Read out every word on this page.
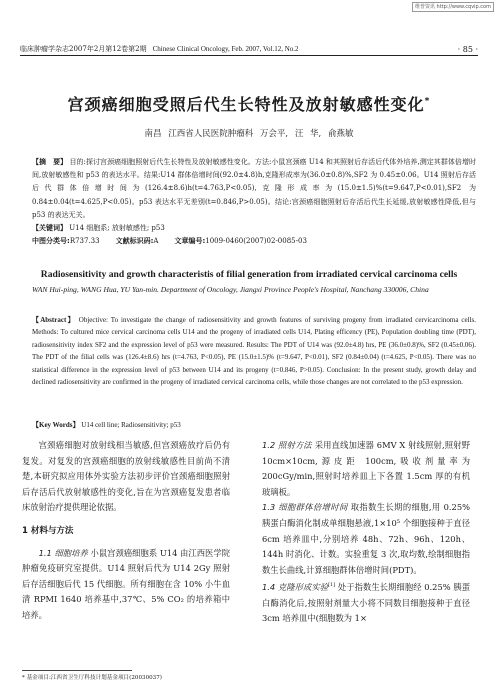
维普资讯 http://www.cqvip.com
临床肿瘤学杂志2007年2月第12卷第2期 Chinese Clinical Oncology, Feb. 2007, Vol.12, No.2	· 85 ·
宫颈癌细胞受照后代生长特性及放射敏感性变化*
南昌 江西省人民医院肿瘤科 万会平, 汪 华, 俞燕敏
【摘　要】 目的:探讨宫颈癌细胞照射后代生长特性及放射敏感性变化。方法:小鼠宫颈癌 U14 和其照射后存活后代体外培养,测定其群体倍增时间,放射敏感性和 p53 的表达水平。结果:U14 群体倍增时间(92.0±4.8)h,克隆形成率为(36.0±0.8)%,SF2 为 0.45±0.06。U14 照射后存活后代群体倍增时间为(126.4±8.6)h(t=4.763,P<0.05),克隆形成率为(15.0±1.5)%(t=9.647,P<0.01),SF2 为 0.84±0.04(t=4.625,P<0.05)。p53 表达水平无差别(t=0.846,P>0.05)。结论:宫颈癌细胞照射后存活后代生长延缓,放射敏感性降低,但与 p53 的表达无关。
【关键词】 U14 细胞系; 放射敏感性; p53
中图分类号:R737.33 文献标识码:A 文章编号:1009-0460(2007)02-0085-03
Radiosensitivity and growth characteristis of filial generation from irradiated cervical carcinoma cells
WAN Hui-ping, WANG Hua, YU Yan-min. Department of Oncology, Jiangxi Province People's Hospital, Nanchang 330006, China
【Abstract】 Objective: To investigate the change of radiosensitivity and growth features of surviving progeny from irradiated cervicarcinoma cells. Methods: To cultured mice cervical carcinoma cells U14 and the progeny of irradiated cells U14, Plating efficency (PE), Population doubling time (PDT), radiosensitivity index SF2 and the expression level of p53 were measured. Results: The PDT of U14 was (92.0±4.8) hrs, PE (36.0±0.8)%, SF2 (0.45±0.06). The PDT of the filial cells was (126.4±8.6) hrs (t=4.763, P<0.05), PE (15.0±1.5)% (t=9.647, P<0.01), SF2 (0.84±0.04) (t=4.625, P<0.05). There was no statistical difference in the expression level of p53 between U14 and its progeny (t=0.846, P>0.05). Conclusion: In the present study, growth delay and declined radiosensitivity are confirmed in the progeny of irradiated cervical carcinoma cells, while those changes are not correlated to the p53 expression.
【Key Words】 U14 cell line; Radiosensitivity; p53

宫颈癌细胞对放射线相当敏感,但宫颈癌放疗后仍有复发。对复发的宫颈癌细胞的放射线敏感性目前尚不清楚,本研究拟应用体外实验方法初步评价宫颈癌细胞照射后存活后代放射敏感性的变化,旨在为宫颈癌复发患者临床放射治疗提供理论依据。

1 材料与方法

1.1 细胞培养 小鼠宫颈癌细胞系 U14 由江西医学院肿瘤免疫研究室提供。U14 照射后代为 U14 2Gy 照射后存活细胞后代 15 代细胞。所有细胞在含 10% 小牛血清 RPMI 1640 培养基中,37℃、5% CO₂ 的培养箱中培养。

1.2 照射方法 采用直线加速器 6MV X 射线照射,照射野 10cm×10cm,源皮距 100cm,吸收剂量率为 200cGy/min,照射时培养皿上下各置 1.5cm 厚的有机玻璃板。

1.3 细胞群体倍增时间 取指数生长期的细胞,用 0.25% 胰蛋白酶消化制成单细胞悬液,1×10⁵ 个细胞接种于直径 6cm 培养皿中,分别培养 48h、72h、96h、120h、144h 时消化、计数。实验重复 3 次,取均数,绘制细胞指数生长曲线,计算细胞群体倍增时间(PDT)。

1.4 克隆形成实验[1] 处于指数生长期细胞经 0.25% 胰蛋白酶消化后,按照射剂量大小将不同数目细胞接种于直径 3cm 培养皿中(细胞数为 1×

* 基金项目:江西省卫生厅科技计划基金项目(20030037)
